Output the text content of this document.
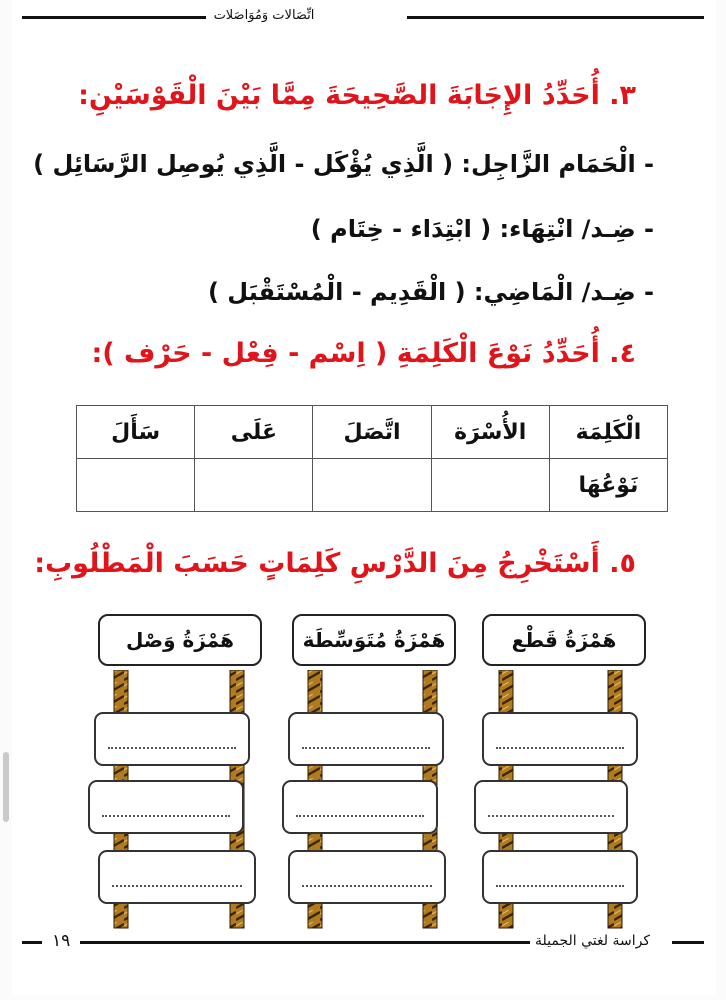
اتِّصَالات وَمُوَاصَلات
٣. أُحَدِّدُ الإِجَابَةَ الصَّحِيحَةَ مِمَّا بَيْنَ الْقَوْسَيْنِ:
- الْحَمَام الزَّاجِل: ( الَّذِي يُؤْكَل - الَّذِي يُوصِل الرَّسَائِل )
- ضِـد/ انْتِهَاء: ( ابْتِدَاء - خِتَام )
- ضِـد/ الْمَاضِي: ( الْقَدِيم - الْمُسْتَقْبَل )
٤. أُحَدِّدُ نَوْعَ الْكَلِمَةِ ( اِسْم - فِعْل - حَرْف ):
الْكَلِمَة	الأُسْرَة	اتَّصَلَ	عَلَى	سَأَلَ
نَوْعُهَا				
٥. أَسْتَخْرِجُ مِنَ الدَّرْسِ كَلِمَاتٍ حَسَبَ الْمَطْلُوبِ:
هَمْزَةُ قَطْع
هَمْزَةُ مُتَوَسِّطَة
هَمْزَةُ وَصْل
١٩	كراسة لغتي الجميلة
